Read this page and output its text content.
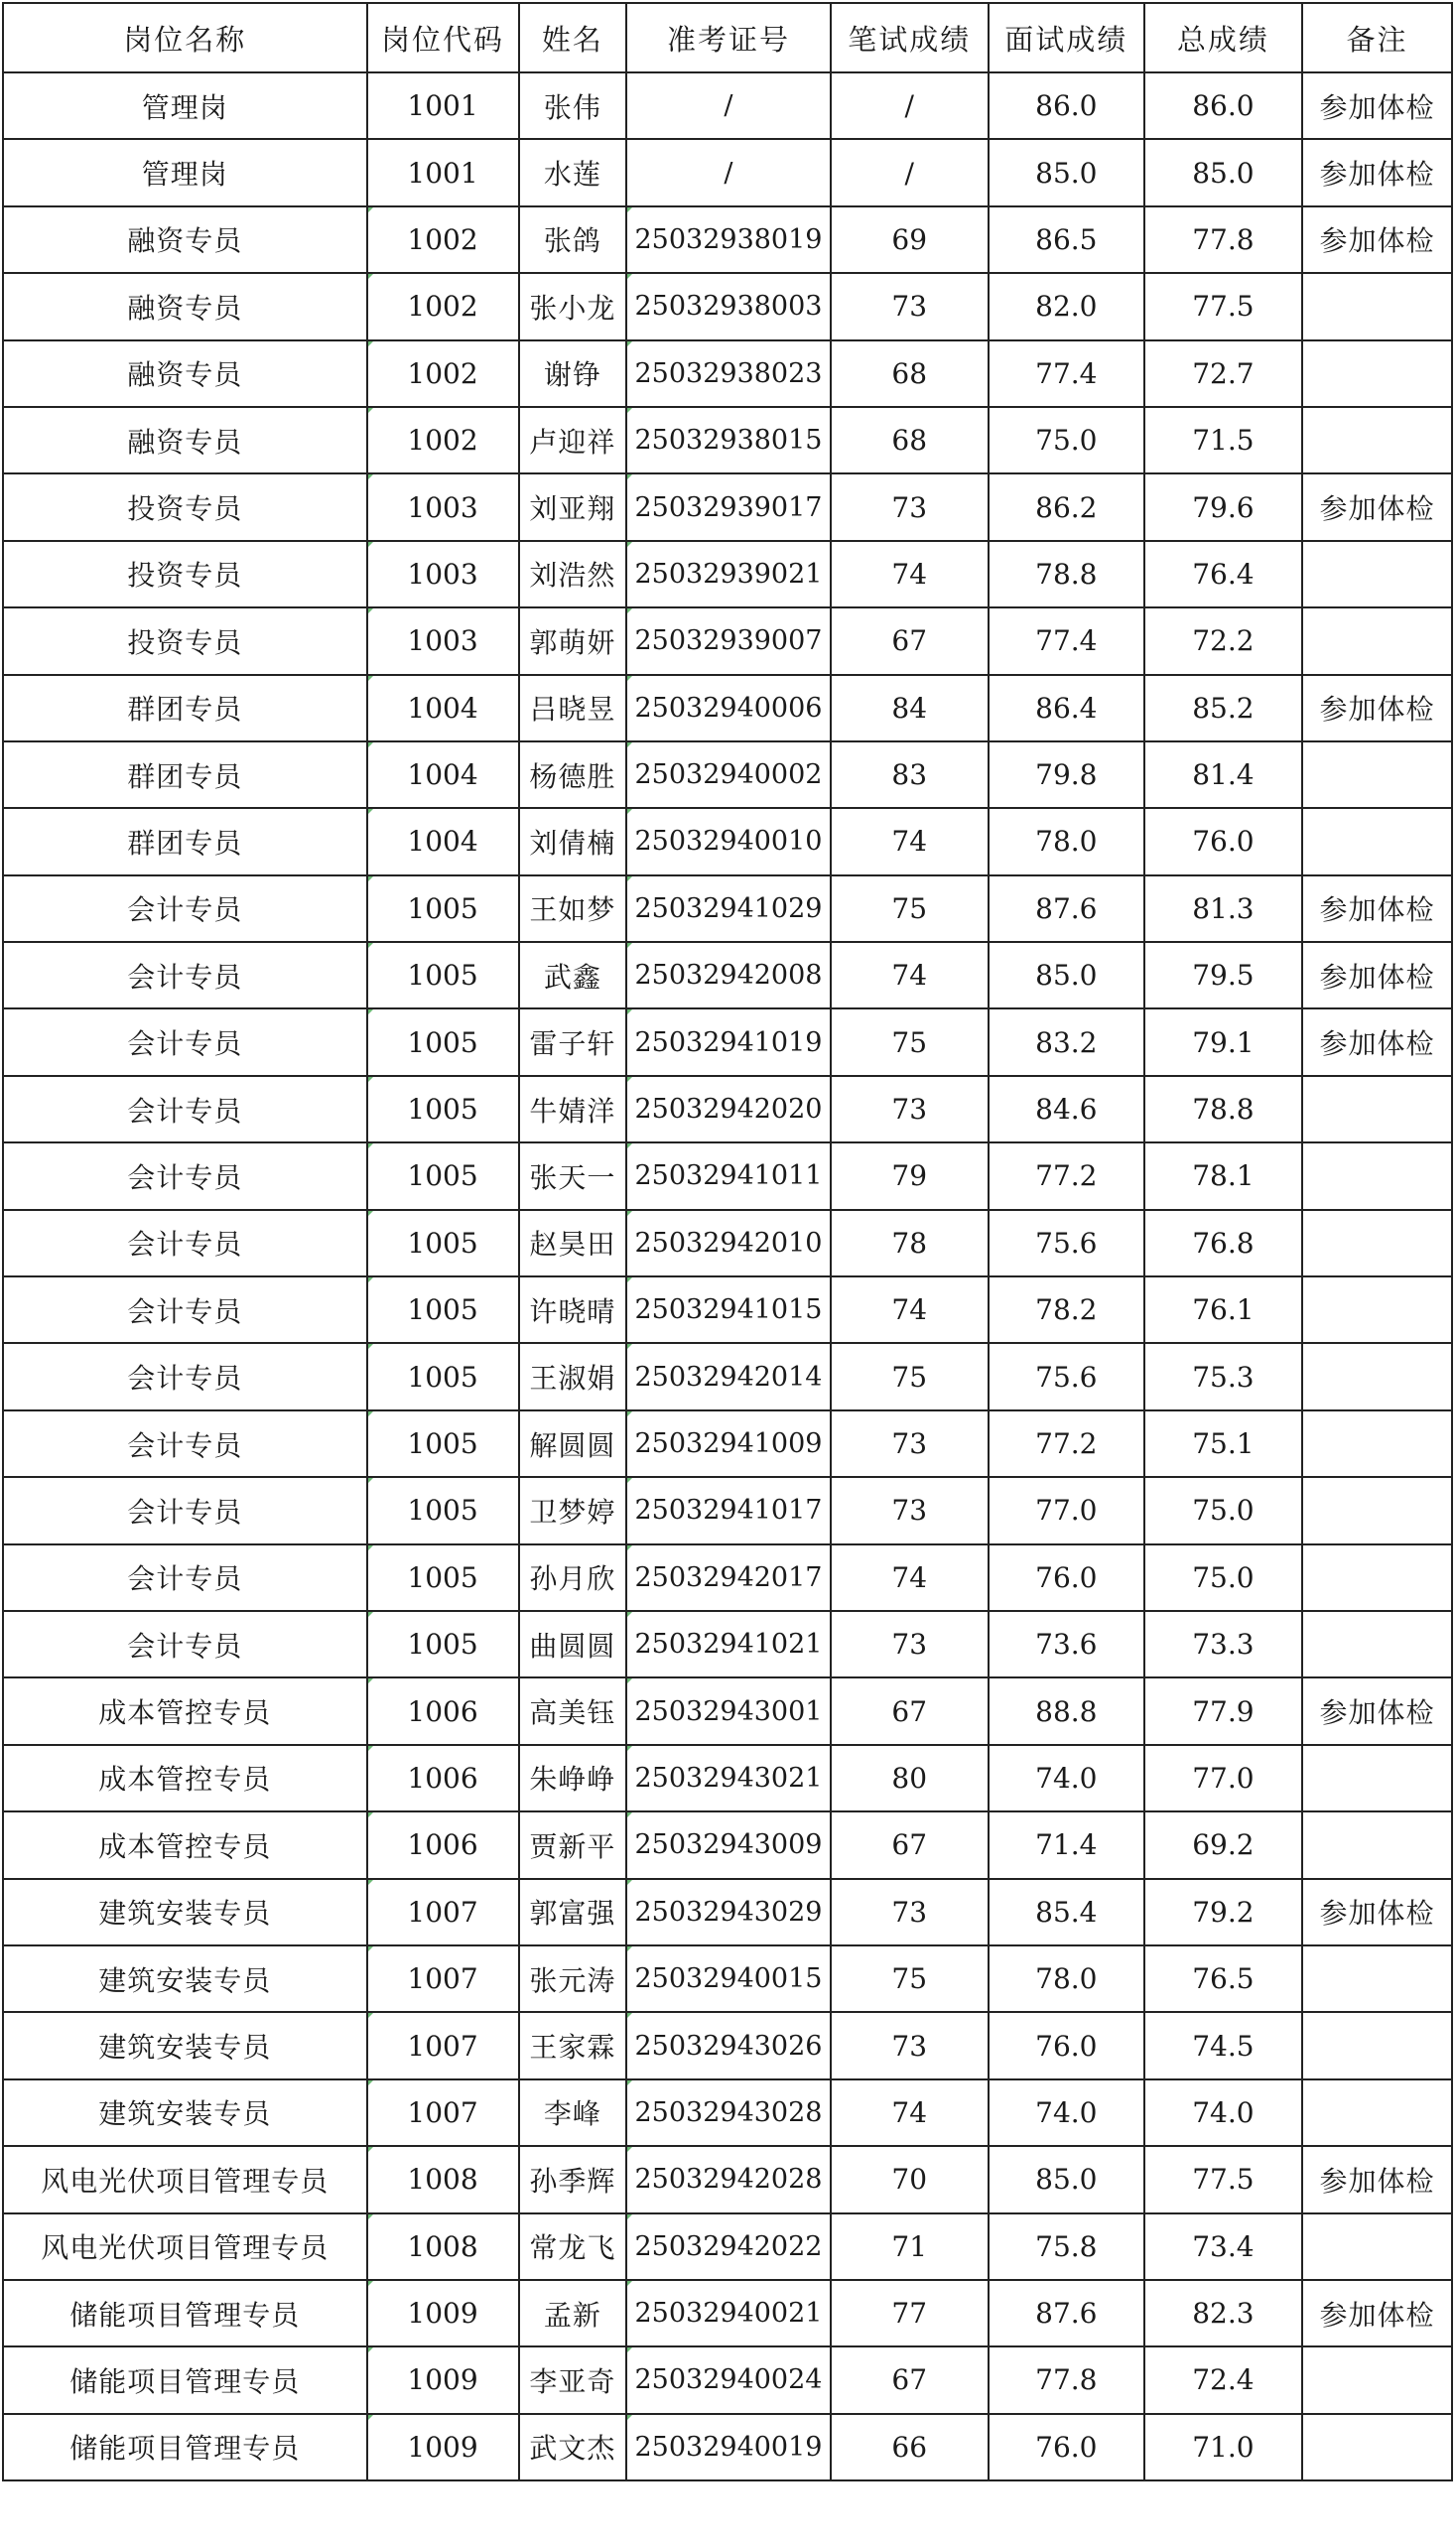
岗位名称	岗位代码	姓名	准考证号	笔试成绩	面试成绩	总成绩	备注
管理岗	1001	张伟	/	/	86.0	86.0	参加体检
管理岗	1001	水莲	/	/	85.0	85.0	参加体检
融资专员	1002	张鸽	25032938019	69	86.5	77.8	参加体检
融资专员	1002	张小龙	25032938003	73	82.0	77.5	
融资专员	1002	谢铮	25032938023	68	77.4	72.7	
融资专员	1002	卢迎祥	25032938015	68	75.0	71.5	
投资专员	1003	刘亚翔	25032939017	73	86.2	79.6	参加体检
投资专员	1003	刘浩然	25032939021	74	78.8	76.4	
投资专员	1003	郭萌妍	25032939007	67	77.4	72.2	
群团专员	1004	吕晓昱	25032940006	84	86.4	85.2	参加体检
群团专员	1004	杨德胜	25032940002	83	79.8	81.4	
群团专员	1004	刘倩楠	25032940010	74	78.0	76.0	
会计专员	1005	王如梦	25032941029	75	87.6	81.3	参加体检
会计专员	1005	武鑫	25032942008	74	85.0	79.5	参加体检
会计专员	1005	雷子轩	25032941019	75	83.2	79.1	参加体检
会计专员	1005	牛婧洋	25032942020	73	84.6	78.8	
会计专员	1005	张天一	25032941011	79	77.2	78.1	
会计专员	1005	赵昊田	25032942010	78	75.6	76.8	
会计专员	1005	许晓晴	25032941015	74	78.2	76.1	
会计专员	1005	王淑娟	25032942014	75	75.6	75.3	
会计专员	1005	解圆圆	25032941009	73	77.2	75.1	
会计专员	1005	卫梦婷	25032941017	73	77.0	75.0	
会计专员	1005	孙月欣	25032942017	74	76.0	75.0	
会计专员	1005	曲圆圆	25032941021	73	73.6	73.3	
成本管控专员	1006	高美钰	25032943001	67	88.8	77.9	参加体检
成本管控专员	1006	朱峥峥	25032943021	80	74.0	77.0	
成本管控专员	1006	贾新平	25032943009	67	71.4	69.2	
建筑安装专员	1007	郭富强	25032943029	73	85.4	79.2	参加体检
建筑安装专员	1007	张元涛	25032940015	75	78.0	76.5	
建筑安装专员	1007	王家霖	25032943026	73	76.0	74.5	
建筑安装专员	1007	李峰	25032943028	74	74.0	74.0	
风电光伏项目管理专员	1008	孙季辉	25032942028	70	85.0	77.5	参加体检
风电光伏项目管理专员	1008	常龙飞	25032942022	71	75.8	73.4	
储能项目管理专员	1009	孟新	25032940021	77	87.6	82.3	参加体检
储能项目管理专员	1009	李亚奇	25032940024	67	77.8	72.4	
储能项目管理专员	1009	武文杰	25032940019	66	76.0	71.0	
